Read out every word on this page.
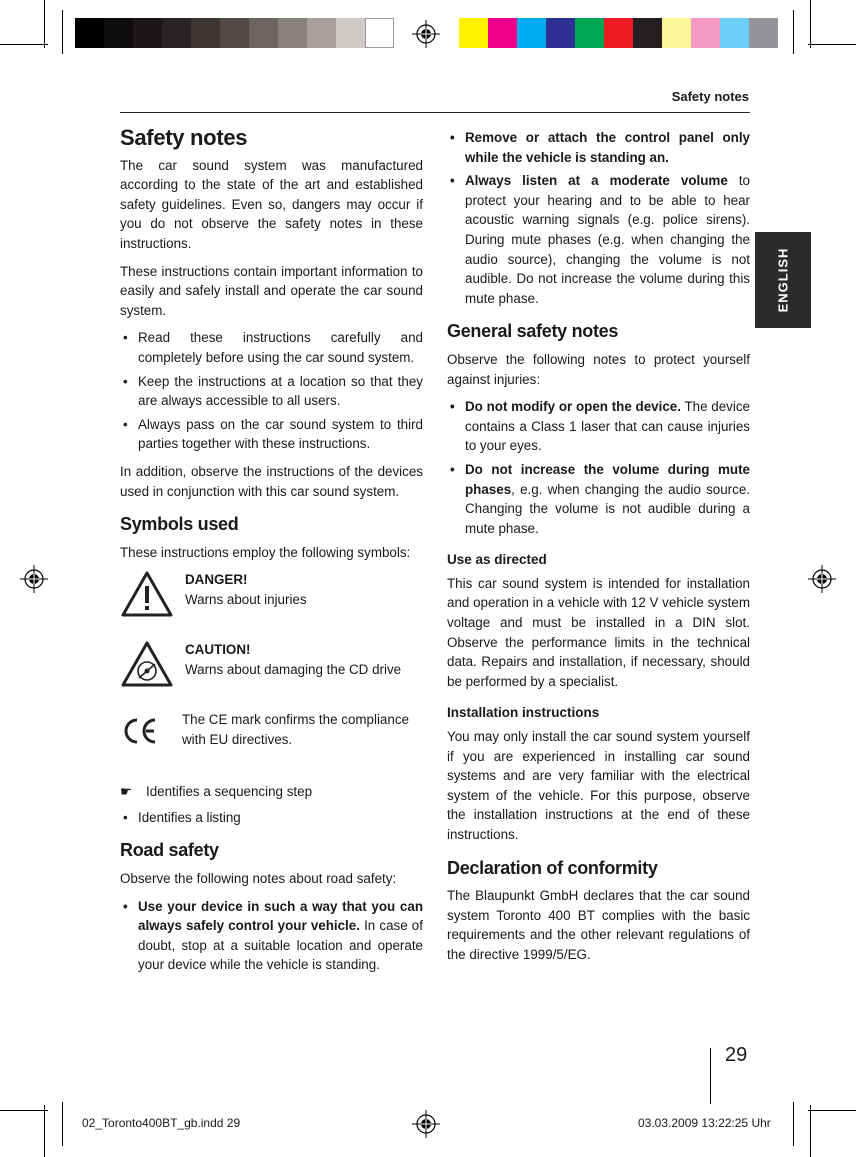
Safety notes
ENGLISH
Safety notes

The car sound system was manufactured according to the state of the art and established safety guidelines. Even so, dangers may occur if you do not observe the safety notes in these instructions.

These instructions contain important information to easily and safely install and operate the car sound system.

• Read these instructions carefully and completely before using the car sound system.
• Keep the instructions at a location so that they are always accessible to all users.
• Always pass on the car sound system to third parties together with these instructions.

In addition, observe the instructions of the devices used in conjunction with this car sound system.

Symbols used

These instructions employ the following symbols:

DANGER!
Warns about injuries
CAUTION!
Warns about damaging the CD drive
The CE mark confirms the compliance with EU directives.
☛ Identifies a sequencing step
• Identifies a listing
Road safety

Observe the following notes about road safety:

• Use your device in such a way that you can always safely control your vehicle. In case of doubt, stop at a suitable location and operate your device while the vehicle is standing.
• Remove or attach the control panel only while the vehicle is standing an.
• Always listen at a moderate volume to protect your hearing and to be able to hear acoustic warning signals (e.g. police sirens). During mute phases (e.g. when changing the audio source), changing the volume is not audible. Do not increase the volume during this mute phase.
General safety notes

Observe the following notes to protect yourself against injuries:

• Do not modify or open the device. The device contains a Class 1 laser that can cause injuries to your eyes.
• Do not increase the volume during mute phases, e.g. when changing the audio source. Changing the volume is not audible during a mute phase.
Use as directed

This car sound system is intended for installation and operation in a vehicle with 12 V vehicle system voltage and must be installed in a DIN slot. Observe the performance limits in the technical data. Repairs and installation, if necessary, should be performed by a specialist.

Installation instructions

You may only install the car sound system yourself if you are experienced in installing car sound systems and are very familiar with the electrical system of the vehicle. For this purpose, observe the installation instructions at the end of these instructions.

Declaration of conformity

The Blaupunkt GmbH declares that the car sound system Toronto 400 BT complies with the basic requirements and the other relevant regulations of the directive 1999/5/EG.

29
02_Toronto400BT_gb.indd 29	03.03.2009 13:22:25 Uhr
